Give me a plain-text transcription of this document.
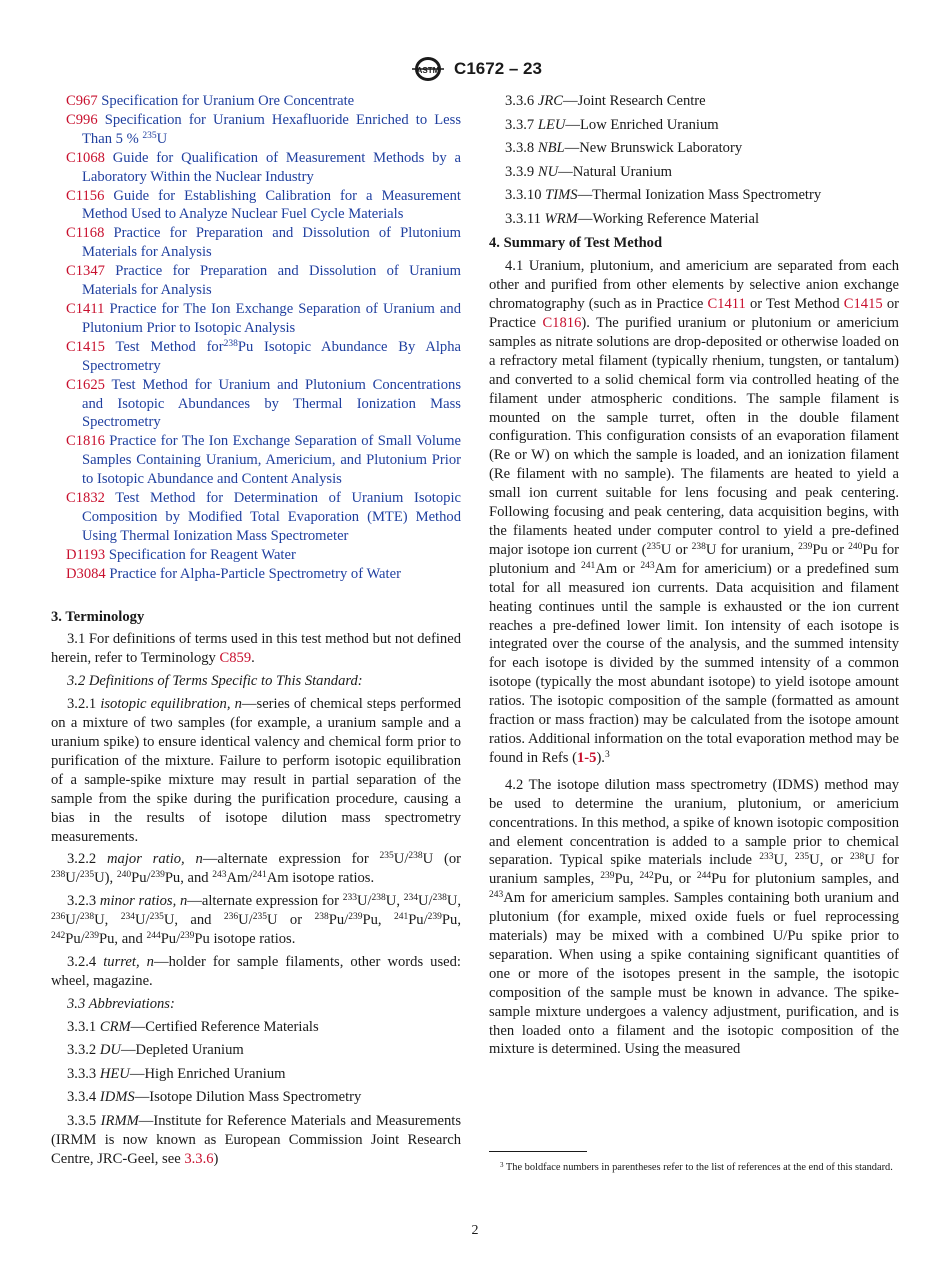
ASTM C1672 – 23
C967 Specification for Uranium Ore Concentrate
C996 Specification for Uranium Hexafluoride Enriched to Less Than 5 % $^{235}$U
C1068 Guide for Qualification of Measurement Methods by a Laboratory Within the Nuclear Industry
C1156 Guide for Establishing Calibration for a Measurement Method Used to Analyze Nuclear Fuel Cycle Materials
C1168 Practice for Preparation and Dissolution of Plutonium Materials for Analysis
C1347 Practice for Preparation and Dissolution of Uranium Materials for Analysis
C1411 Practice for The Ion Exchange Separation of Uranium and Plutonium Prior to Isotopic Analysis
C1415 Test Method for$^{238}$Pu Isotopic Abundance By Alpha Spectrometry
C1625 Test Method for Uranium and Plutonium Concentrations and Isotopic Abundances by Thermal Ionization Mass Spectrometry
C1816 Practice for The Ion Exchange Separation of Small Volume Samples Containing Uranium, Americium, and Plutonium Prior to Isotopic Abundance and Content Analysis
C1832 Test Method for Determination of Uranium Isotopic Composition by Modified Total Evaporation (MTE) Method Using Thermal Ionization Mass Spectrometer
D1193 Specification for Reagent Water
D3084 Practice for Alpha-Particle Spectrometry of Water
3. Terminology

3.1 For definitions of terms used in this test method but not defined herein, refer to Terminology C859.

3.2 Definitions of Terms Specific to This Standard:

3.2.1 isotopic equilibration, n—series of chemical steps performed on a mixture of two samples (for example, a uranium sample and a uranium spike) to ensure identical valency and chemical form prior to purification of the mixture. Failure to perform isotopic equilibration of a sample-spike mixture may result in partial separation of the sample from the spike during the purification procedure, causing a bias in the results of isotope dilution mass spectrometry measurements.

3.2.2 major ratio, n—alternate expression for $^{235}$U/$^{238}$U (or $^{238}$U/$^{235}$U), $^{240}$Pu/$^{239}$Pu, and $^{243}$Am/$^{241}$Am isotope ratios.

3.2.3 minor ratios, n—alternate expression for $^{233}$U/$^{238}$U, $^{234}$U/$^{238}$U, $^{236}$U/$^{238}$U, $^{234}$U/$^{235}$U, and $^{236}$U/$^{235}$U or $^{238}$Pu/$^{239}$Pu, $^{241}$Pu/$^{239}$Pu, $^{242}$Pu/$^{239}$Pu, and $^{244}$Pu/$^{239}$Pu isotope ratios.

3.2.4 turret, n—holder for sample filaments, other words used: wheel, magazine.

3.3 Abbreviations:

3.3.1 CRM—Certified Reference Materials
3.3.2 DU—Depleted Uranium
3.3.3 HEU—High Enriched Uranium
3.3.4 IDMS—Isotope Dilution Mass Spectrometry

3.3.5 IRMM—Institute for Reference Materials and Measurements (IRMM is now known as European Commission Joint Research Centre, JRC-Geel, see 3.3.6)

3.3.6 JRC—Joint Research Centre
3.3.7 LEU—Low Enriched Uranium
3.3.8 NBL—New Brunswick Laboratory
3.3.9 NU—Natural Uranium
3.3.10 TIMS—Thermal Ionization Mass Spectrometry
3.3.11 WRM—Working Reference Material
4. Summary of Test Method

4.1 Uranium, plutonium, and americium are separated from each other and purified from other elements by selective anion exchange chromatography (such as in Practice C1411 or Test Method C1415 or Practice C1816). The purified uranium or plutonium or americium samples as nitrate solutions are drop-deposited or otherwise loaded on a refractory metal filament (typically rhenium, tungsten, or tantalum) and converted to a solid chemical form via controlled heating of the filament under atmospheric conditions. The sample filament is mounted on the sample turret, often in the double filament configuration. This configuration consists of an evaporation filament (Re or W) on which the sample is loaded, and an ionization filament (Re filament with no sample). The filaments are heated to yield a small ion current suitable for lens focusing and peak centering. Following focusing and peak centering, data acquisition begins, with the filaments heated under computer control to yield a pre-defined major isotope ion current ($^{235}$U or $^{238}$U for uranium, $^{239}$Pu or $^{240}$Pu for plutonium and $^{241}$Am or $^{243}$Am for americium) or a predefined sum total for all measured ion currents. Data acquisition and filament heating continues until the sample is exhausted or the ion current reaches a pre-defined lower limit. Ion intensity of each isotope is integrated over the course of the analysis, and the summed intensity for each isotope is divided by the summed intensity of a common isotope (typically the most abundant isotope) to yield isotope amount ratios. The isotopic composition of the sample (formatted as amount fraction or mass fraction) may be calculated from the isotope amount ratios. Additional information on the total evaporation method may be found in Refs (1-5).$^3$

4.2 The isotope dilution mass spectrometry (IDMS) method may be used to determine the uranium, plutonium, or americium concentrations. In this method, a spike of known isotopic composition and element concentration is added to a sample prior to chemical separation. Typical spike materials include $^{233}$U, $^{235}$U, or $^{238}$U for uranium samples, $^{239}$Pu, $^{242}$Pu, or $^{244}$Pu for plutonium samples, and $^{243}$Am for americium samples. Samples containing both uranium and plutonium (for example, mixed oxide fuels or fuel reprocessing materials) may be mixed with a combined U/Pu spike prior to separation. When using a spike containing significant quantities of one or more of the isotopes present in the sample, the isotopic composition of the sample must be known in advance. The spike-sample mixture undergoes a valency adjustment, purification, and is then loaded onto a filament and the isotopic composition of the mixture is determined. Using the measured

$^3$ The boldface numbers in parentheses refer to the list of references at the end of this standard.
2
